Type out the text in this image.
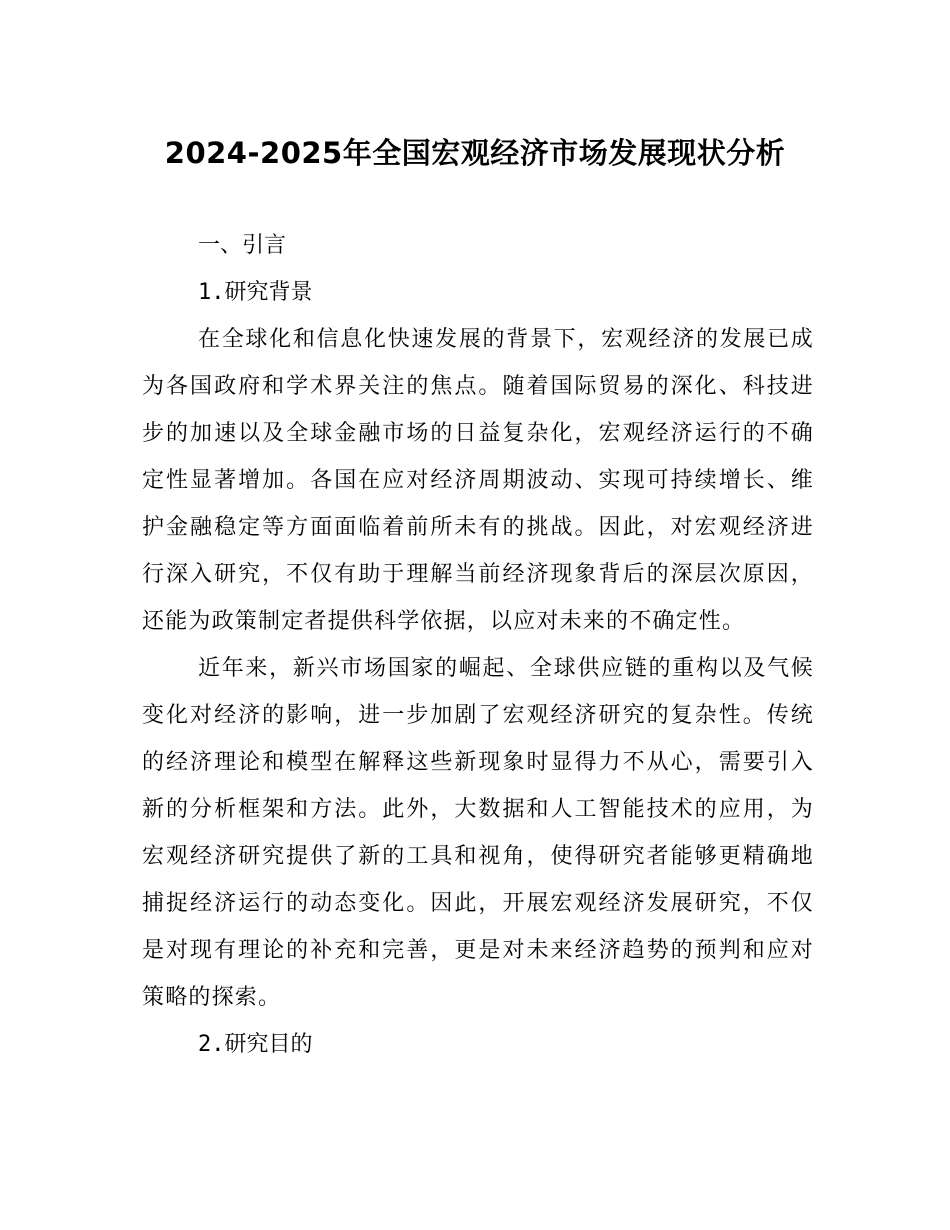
2024-2025年全国宏观经济市场发展现状分析
一、引言
1.研究背景

在全球化和信息化快速发展的背景下，宏观经济的发展已成为各国政府和学术界关注的焦点。随着国际贸易的深化、科技进步的加速以及全球金融市场的日益复杂化，宏观经济运行的不确定性显著增加。各国在应对经济周期波动、实现可持续增长、维护金融稳定等方面面临着前所未有的挑战。因此，对宏观经济进行深入研究，不仅有助于理解当前经济现象背后的深层次原因，还能为政策制定者提供科学依据，以应对未来的不确定性。

近年来，新兴市场国家的崛起、全球供应链的重构以及气候变化对经济的影响，进一步加剧了宏观经济研究的复杂性。传统的经济理论和模型在解释这些新现象时显得力不从心，需要引入新的分析框架和方法。此外，大数据和人工智能技术的应用，为宏观经济研究提供了新的工具和视角，使得研究者能够更精确地捕捉经济运行的动态变化。因此，开展宏观经济发展研究，不仅是对现有理论的补充和完善，更是对未来经济趋势的预判和应对策略的探索。

2.研究目的
